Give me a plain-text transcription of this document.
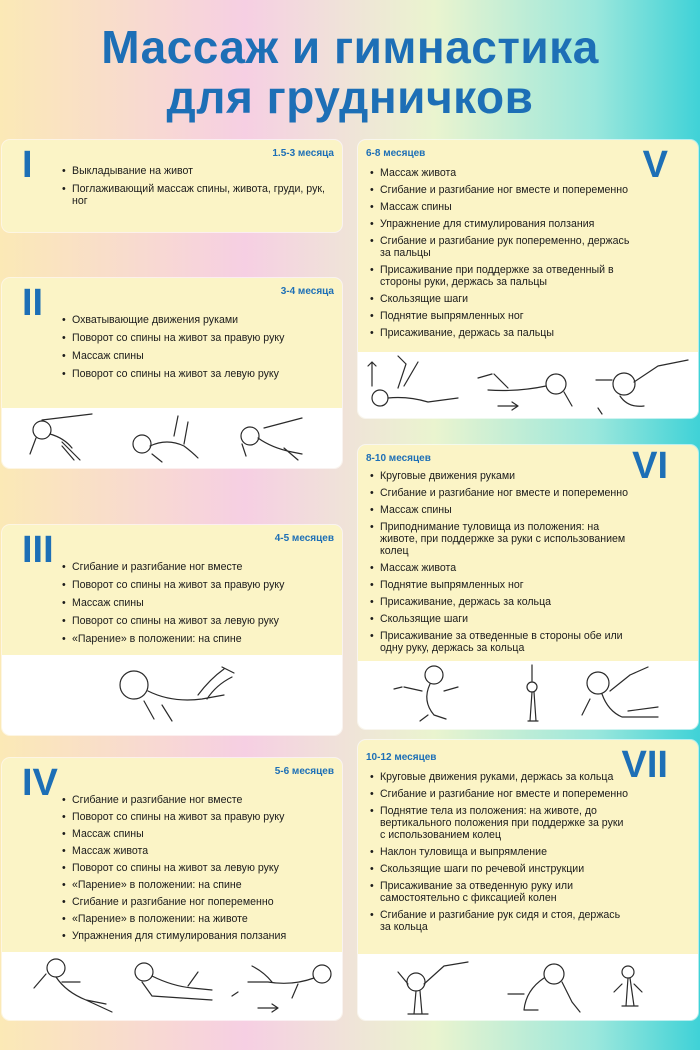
Массаж и гимнастика
для грудничков
I	1.5-3 месяца
• Выкладывание на живот
• Поглаживающий массаж спины, живота, груди, рук, ног
II	3-4 месяца
• Охватывающие движения руками
• Поворот со спины на живот за правую руку
• Массаж спины
• Поворот со спины на живот за левую руку
III	4-5 месяцев
• Сгибание и разгибание ног вместе
• Поворот со спины на живот за правую руку
• Массаж спины
• Поворот со спины на живот за левую руку
• «Парение» в положении: на спине
IV	5-6 месяцев
• Сгибание и разгибание ног вместе
• Поворот со спины на живот за правую руку
• Массаж спины
• Массаж живота
• Поворот со спины на живот за левую руку
• «Парение» в положении: на спине
• Сгибание и разгибание ног попеременно
• «Парение» в положении: на животе
• Упражнения для стимулирования ползания
6-8 месяцев	V
• Массаж живота
• Сгибание и разгибание ног вместе и попеременно
• Массаж спины
• Упражнение для стимулирования ползания
• Сгибание и разгибание рук попеременно, держась за пальцы
• Присаживание при поддержке за отведенный в стороны руки, держась за пальцы
• Скользящие шаги
• Поднятие выпрямленных ног
• Присаживание, держась за пальцы
8-10 месяцев	VI
• Круговые движения руками
• Сгибание и разгибание ног вместе и попеременно
• Массаж спины
• Приподнимание туловища из положения: на животе, при поддержке за руки с использованием колец
• Массаж живота
• Поднятие выпрямленных ног
• Присаживание, держась за кольца
• Скользящие шаги
• Присаживание за отведенные в стороны обе или одну руку, держась за кольца
10-12 месяцев	VII
• Круговые движения руками, держась за кольца
• Сгибание и разгибание ног вместе и попеременно
• Поднятие тела из положения: на животе, до вертикального положения при поддержке за руки с использованием колец
• Наклон туловища и выпрямление
• Скользящие шаги по речевой инструкции
• Присаживание за отведенную руку или самостоятельно с фиксацией колен
• Сгибание и разгибание рук сидя и стоя, держась за кольца
